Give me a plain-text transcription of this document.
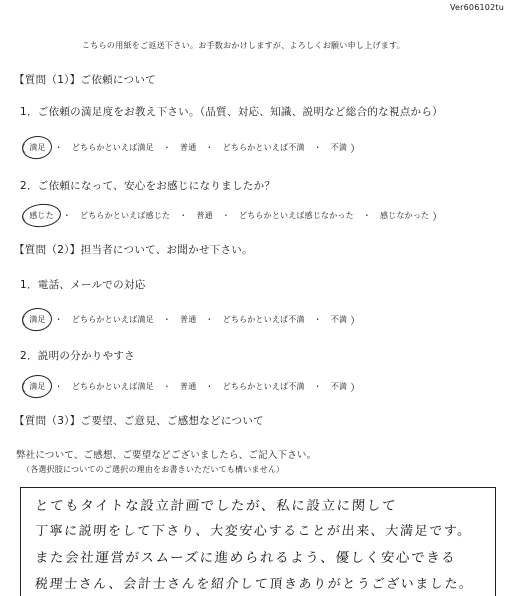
Ver606102tu
こちらの用紙をご返送下さい。お手数おかけしますが、よろしくお願い申し上げます。
【質問（1）】ご依頼について
1．ご依頼の満足度をお教え下さい。（品質、対応、知識、説明など総合的な視点から）
（ 満足	・	どちらかといえば満足	・	普通	・	どちらかといえば不満	・	不満 ）
2．ご依頼になって、安心をお感じになりましたか？
（ 感じた	・	どちらかといえば感じた	・	普通	・	どちらかといえば感じなかった	・	感じなかった ）
【質問（2）】担当者について、お聞かせ下さい。
1．電話、メールでの対応
（ 満足	・	どちらかといえば満足	・	普通	・	どちらかといえば不満	・	不満 ）
2．説明の分かりやすさ
（ 満足	・	どちらかといえば満足	・	普通	・	どちらかといえば不満	・	不満 ）
【質問（3）】ご要望、ご意見、ご感想などについて
弊社について、ご感想、ご要望などございましたら、ご記入下さい。
（各選択肢についてのご選択の理由をお書きいただいても構いません）
とてもタイトな設立計画でしたが、私に設立に関して
丁寧に説明をして下さり、大変安心することが出来、大満足です。
また会社運営がスムーズに進められるよう、優しく安心できる
税理士さん、会計士さんを紹介して頂きありがとうございました。
